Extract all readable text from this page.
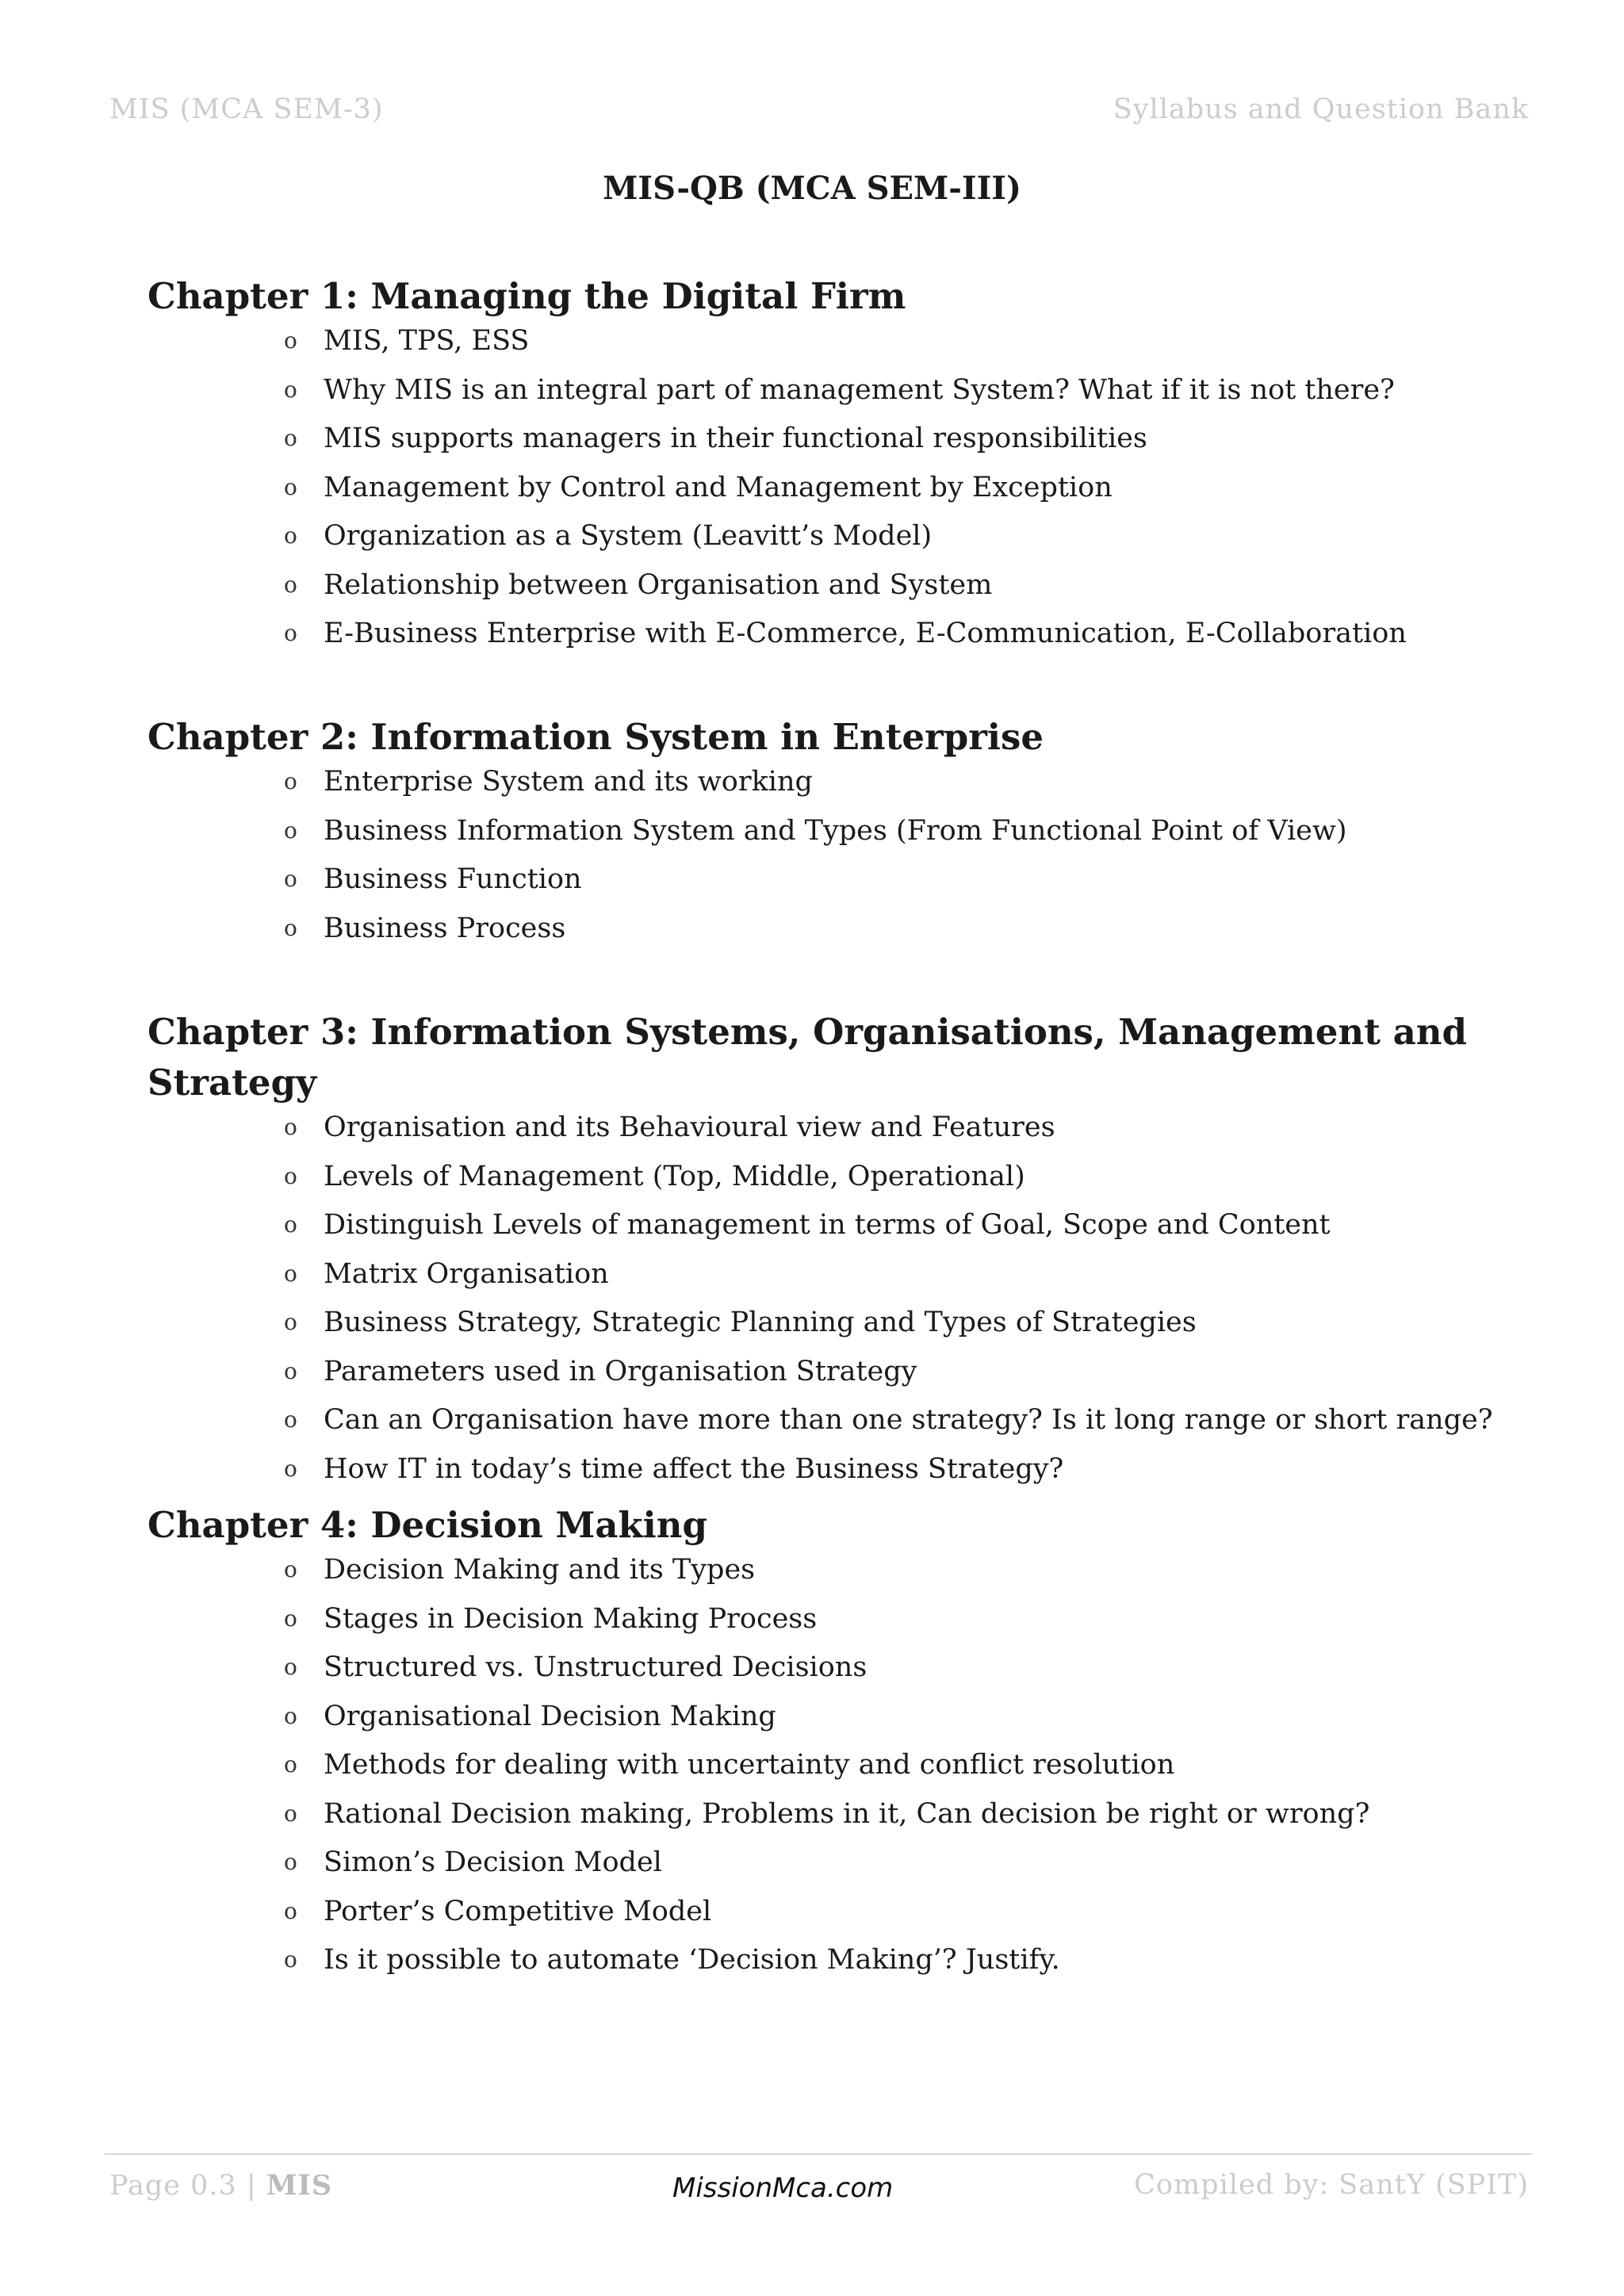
MIS (MCA SEM-3)	Syllabus and Question Bank
MIS-QB (MCA SEM-III)
Chapter 1: Managing the Digital Firm
o MIS, TPS, ESS
o Why MIS is an integral part of management System? What if it is not there?
o MIS supports managers in their functional responsibilities
o Management by Control and Management by Exception
o Organization as a System (Leavitt’s Model)
o Relationship between Organisation and System
o E-Business Enterprise with E-Commerce, E-Communication, E-Collaboration
Chapter 2: Information System in Enterprise
o Enterprise System and its working
o Business Information System and Types (From Functional Point of View)
o Business Function
o Business Process
Chapter 3: Information Systems, Organisations, Management and Strategy
o Organisation and its Behavioural view and Features
o Levels of Management (Top, Middle, Operational)
o Distinguish Levels of management in terms of Goal, Scope and Content
o Matrix Organisation
o Business Strategy, Strategic Planning and Types of Strategies
o Parameters used in Organisation Strategy
o Can an Organisation have more than one strategy? Is it long range or short range?
o How IT in today’s time affect the Business Strategy?
Chapter 4: Decision Making
o Decision Making and its Types
o Stages in Decision Making Process
o Structured vs. Unstructured Decisions
o Organisational Decision Making
o Methods for dealing with uncertainty and conflict resolution
o Rational Decision making, Problems in it, Can decision be right or wrong?
o Simon’s Decision Model
o Porter’s Competitive Model
o Is it possible to automate ‘Decision Making’? Justify.
Page 0.3 | MIS	MissionMca.com	Compiled by: SantY (SPIT)
